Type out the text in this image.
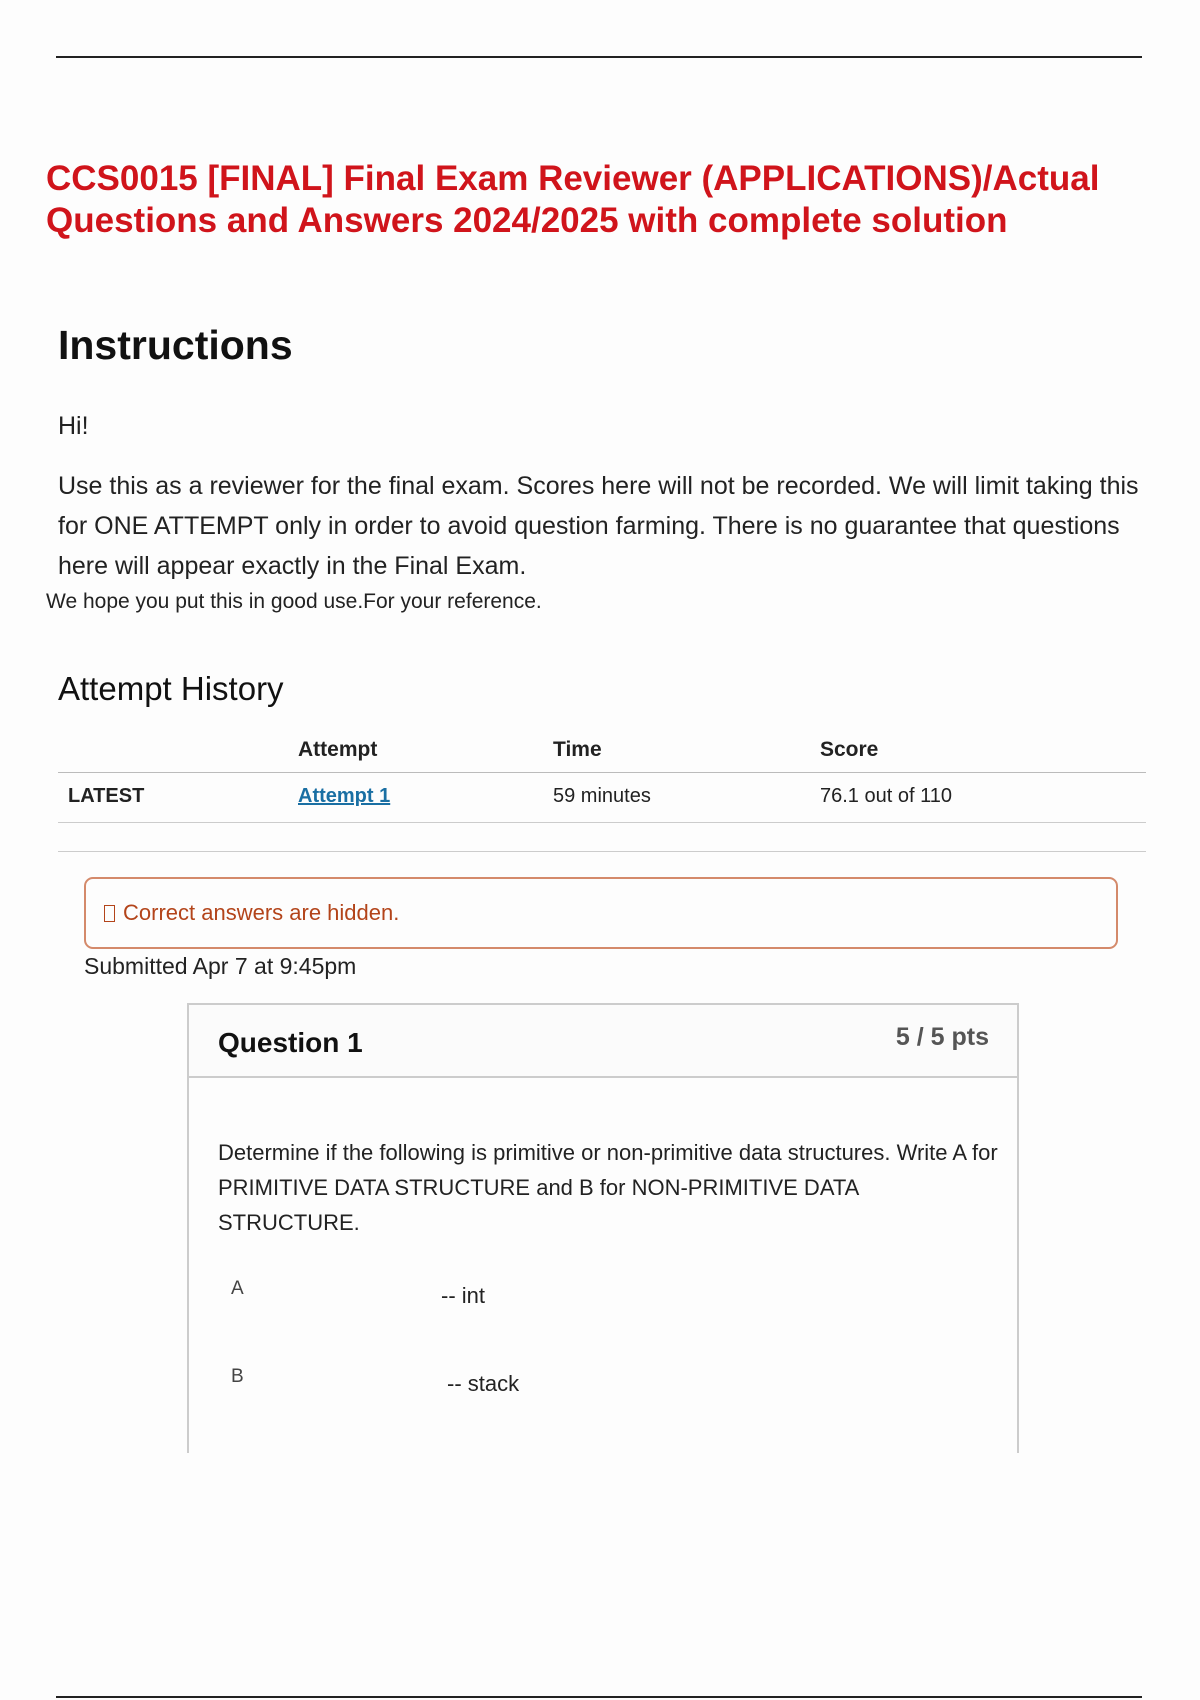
CCS0015 [FINAL] Final Exam Reviewer (APPLICATIONS)/Actual Questions and Answers 2024/2025 with complete solution
Instructions

Hi!

Use this as a reviewer for the final exam. Scores here will not be recorded. We will limit taking this for ONE ATTEMPT only in order to avoid question farming. There is no guarantee that questions here will appear exactly in the Final Exam.

We hope you put this in good use.For your reference.

Attempt History
	Attempt	Time	Score
LATEST	Attempt 1	59 minutes	76.1 out of 110
Correct answers are hidden.

Submitted Apr 7 at 9:45pm

Question 1	5 / 5 pts

Determine if the following is primitive or non-primitive data structures. Write A for PRIMITIVE DATA STRUCTURE and B for NON-PRIMITIVE DATA STRUCTURE.

A	-- int
B	-- stack
